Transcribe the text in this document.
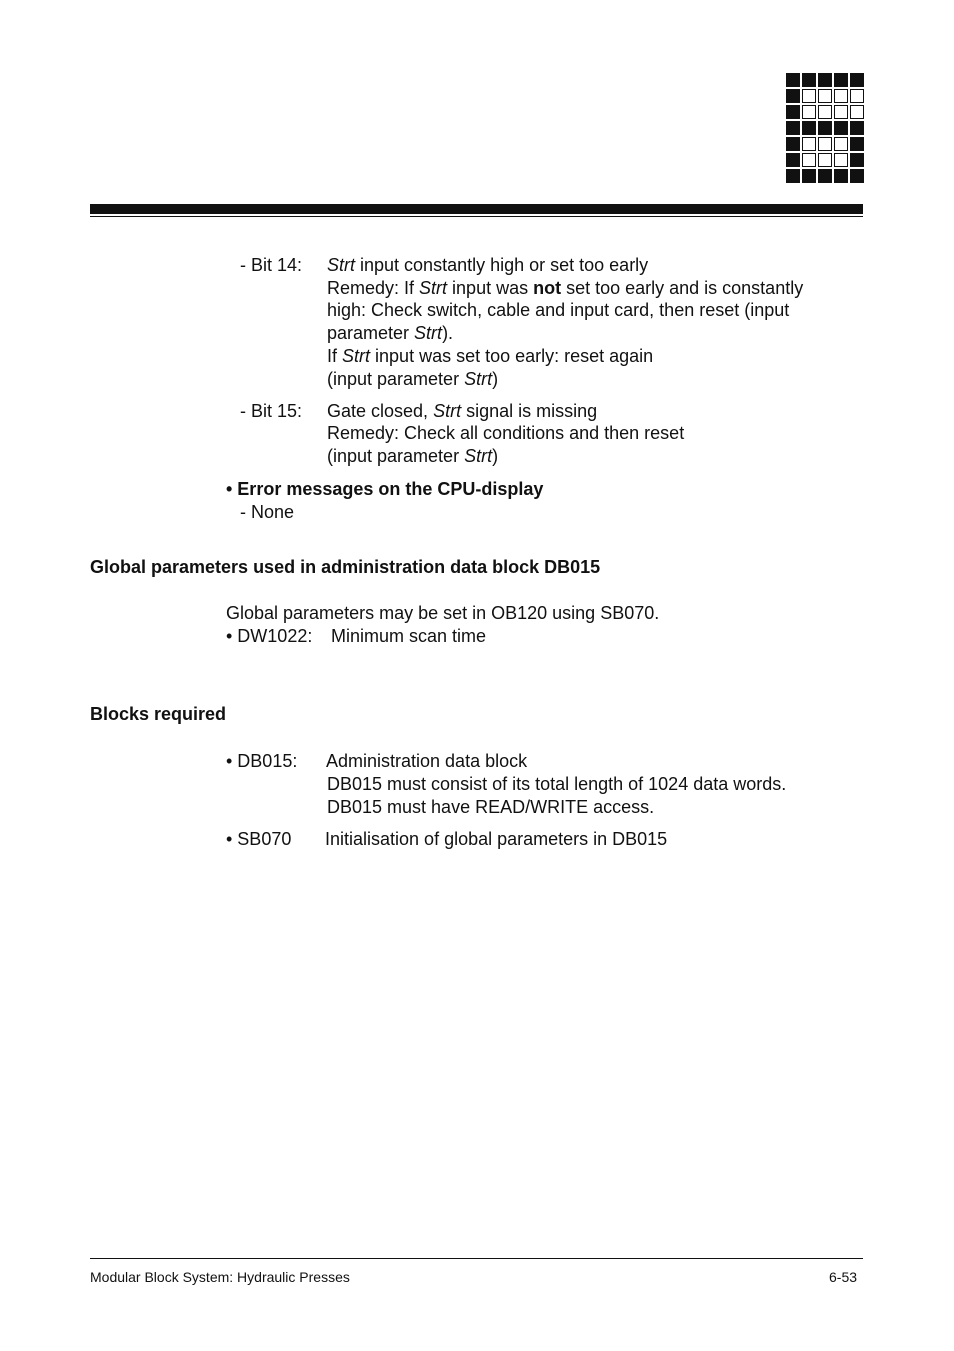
- Bit 14: Strt input constantly high or set too early
Remedy: If Strt input was not set too early and is constantly
high: Check switch, cable and input card, then reset (input
parameter Strt).
If Strt input was set too early: reset again
(input parameter Strt)
- Bit 15: Gate closed, Strt signal is missing
Remedy: Check all conditions and then reset
(input parameter Strt)
• Error messages on the CPU-display
- None
Global parameters used in administration data block DB015
Global parameters may be set in OB120 using SB070.
• DW1022: Minimum scan time
Blocks required
• DB015: Administration data block
DB015 must consist of its total length of 1024 data words.
DB015 must have READ/WRITE access.
• SB070 Initialisation of global parameters in DB015
Modular Block System: Hydraulic Presses	6-53
